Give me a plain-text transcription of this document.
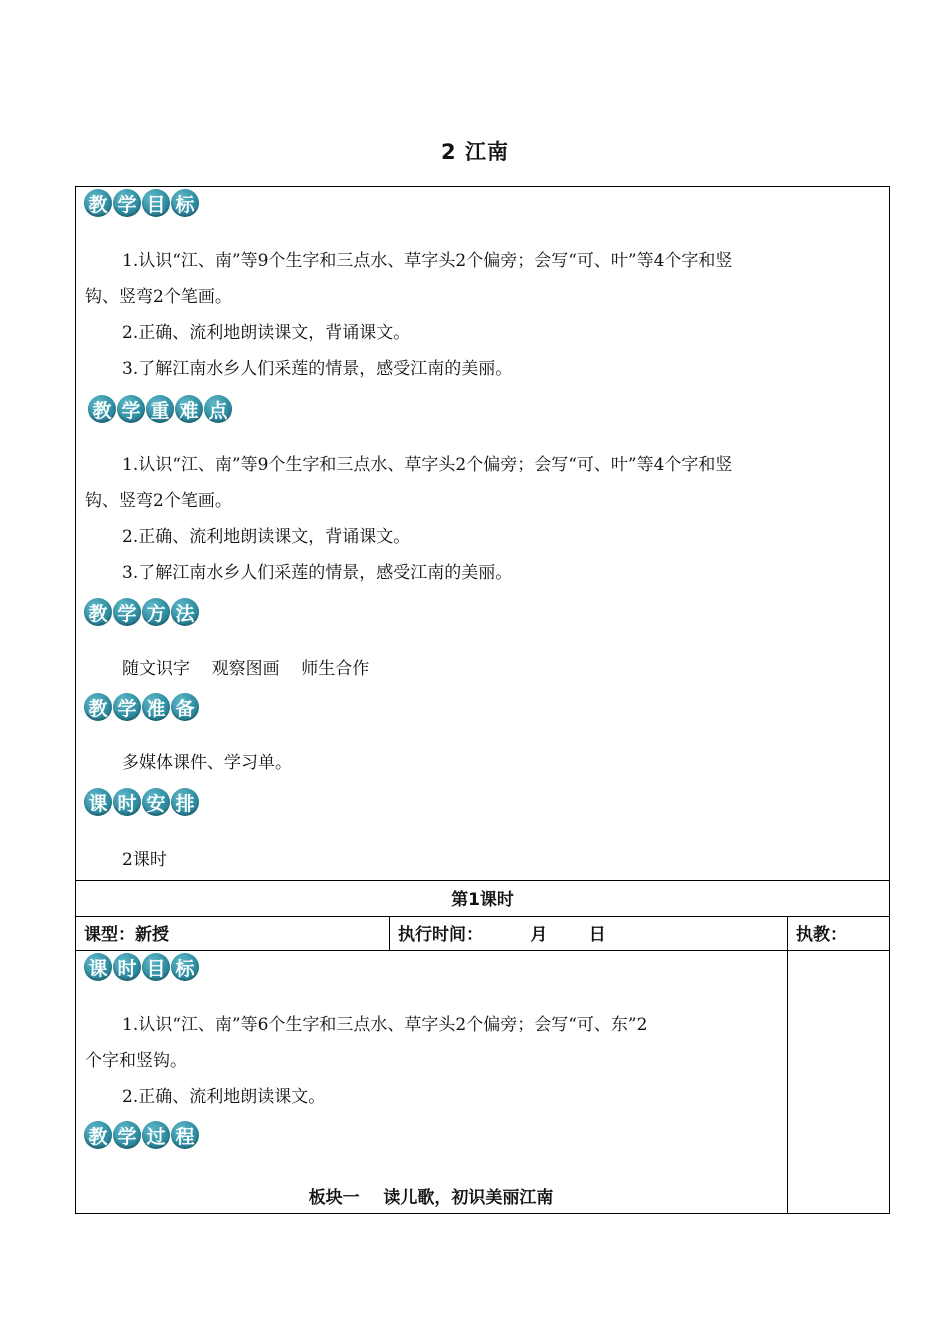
2 江南
教 学 目 标
1.认识“江、南”等9个生字和三点水、草字头2个偏旁；会写“可、叶”等4个字和竖
钩、竖弯2个笔画。
2.正确、流利地朗读课文，背诵课文。
3.了解江南水乡人们采莲的情景，感受江南的美丽。
教 学 重 难 点
1.认识“江、南”等9个生字和三点水、草字头2个偏旁；会写“可、叶”等4个字和竖
钩、竖弯2个笔画。
2.正确、流利地朗读课文，背诵课文。
3.了解江南水乡人们采莲的情景，感受江南的美丽。
教 学 方 法
随文识字    观察图画    师生合作
教 学 准 备
多媒体课件、学习单。
课 时 安 排
2课时
第1课时
课型：新授	执行时间：        月       日	执教：
课 时 目 标
1.认识“江、南”等6个生字和三点水、草字头2个偏旁；会写“可、东”2
个字和竖钩。
2.正确、流利地朗读课文。
教 学 过 程
板块一    读儿歌，初识美丽江南
